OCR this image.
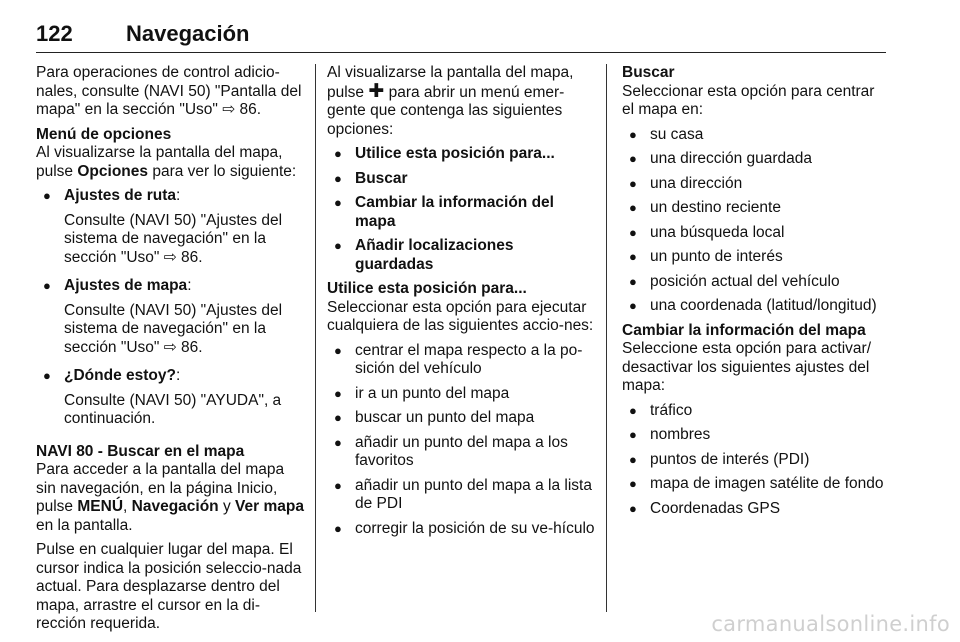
122	Navegación

Para operaciones de control adicio-nales, consulte (NAVI 50) "Pantalla del mapa" en la sección "Uso" ⇨ 86.

Menú de opciones

Al visualizarse la pantalla del mapa, pulse Opciones para ver lo siguiente:

● Ajustes de ruta:
Consulte (NAVI 50) "Ajustes del sistema de navegación" en la sección "Uso" ⇨ 86.
● Ajustes de mapa:
Consulte (NAVI 50) "Ajustes del sistema de navegación" en la sección "Uso" ⇨ 86.
● ¿Dónde estoy?:
Consulte (NAVI 50) "AYUDA", a continuación.
NAVI 80 - Buscar en el mapa

Para acceder a la pantalla del mapa sin navegación, en la página Inicio, pulse MENÚ, Navegación y Ver mapa en la pantalla.

Pulse en cualquier lugar del mapa. El cursor indica la posición seleccio-nada actual. Para desplazarse dentro del mapa, arrastre el cursor en la di-rección requerida.

Al visualizarse la pantalla del mapa, pulse ✚ para abrir un menú emer-gente que contenga las siguientes opciones:

● Utilice esta posición para...
● Buscar
● Cambiar la información del mapa
● Añadir localizaciones guardadas
Utilice esta posición para...

Seleccionar esta opción para ejecutar cualquiera de las siguientes accio-nes:

● centrar el mapa respecto a la po-sición del vehículo
● ir a un punto del mapa
● buscar un punto del mapa
● añadir un punto del mapa a los favoritos
● añadir un punto del mapa a la lista de PDI
● corregir la posición de su ve-hículo
Buscar

Seleccionar esta opción para centrar el mapa en:

● su casa
● una dirección guardada
● una dirección
● un destino reciente
● una búsqueda local
● un punto de interés
● posición actual del vehículo
● una coordenada (latitud/longitud)
Cambiar la información del mapa

Seleccione esta opción para activar/ desactivar los siguientes ajustes del mapa:

● tráfico
● nombres
● puntos de interés (PDI)
● mapa de imagen satélite de fondo
● Coordenadas GPS
carmanualsonline.info
